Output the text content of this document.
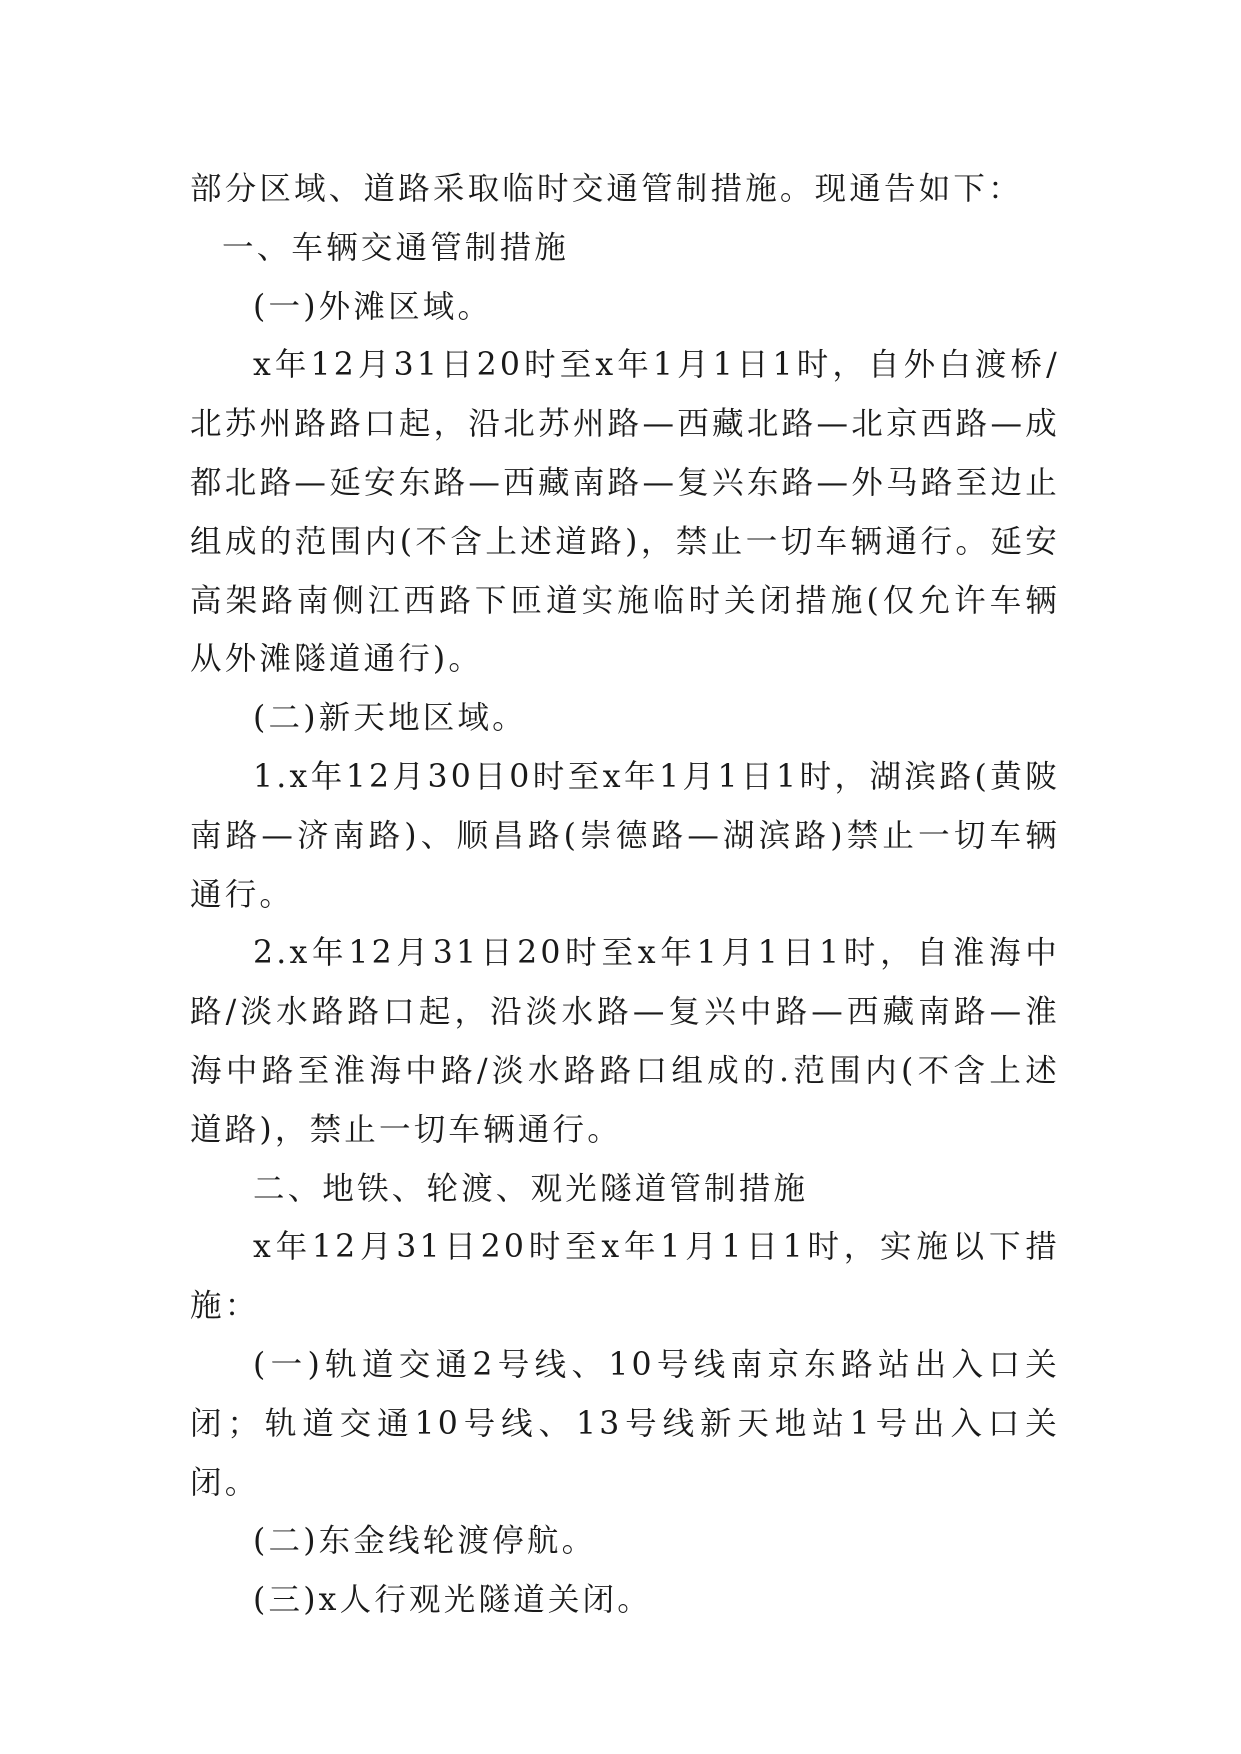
部分区域、道路采取临时交通管制措施。现通告如下：

一、车辆交通管制措施

(一)外滩区域。

x年12月31日20时至x年1月1日1时，自外白渡桥/北苏州路路口起，沿北苏州路—西藏北路—北京西路—成都北路—延安东路—西藏南路—复兴东路—外马路至边止组成的范围内(不含上述道路)，禁止一切车辆通行。延安高架路南侧江西路下匝道实施临时关闭措施(仅允许车辆从外滩隧道通行)。

(二)新天地区域。

1.x年12月30日0时至x年1月1日1时，湖滨路(黄陂南路—济南路)、顺昌路(崇德路—湖滨路)禁止一切车辆通行。

2.x年12月31日20时至x年1月1日1时，自淮海中路/淡水路路口起，沿淡水路—复兴中路—西藏南路—淮海中路至淮海中路/淡水路路口组成的.范围内(不含上述道路)，禁止一切车辆通行。

二、地铁、轮渡、观光隧道管制措施

x年12月31日20时至x年1月1日1时，实施以下措施：

(一)轨道交通2号线、10号线南京东路站出入口关闭；轨道交通10号线、13号线新天地站1号出入口关闭。

(二)东金线轮渡停航。

(三)x人行观光隧道关闭。
